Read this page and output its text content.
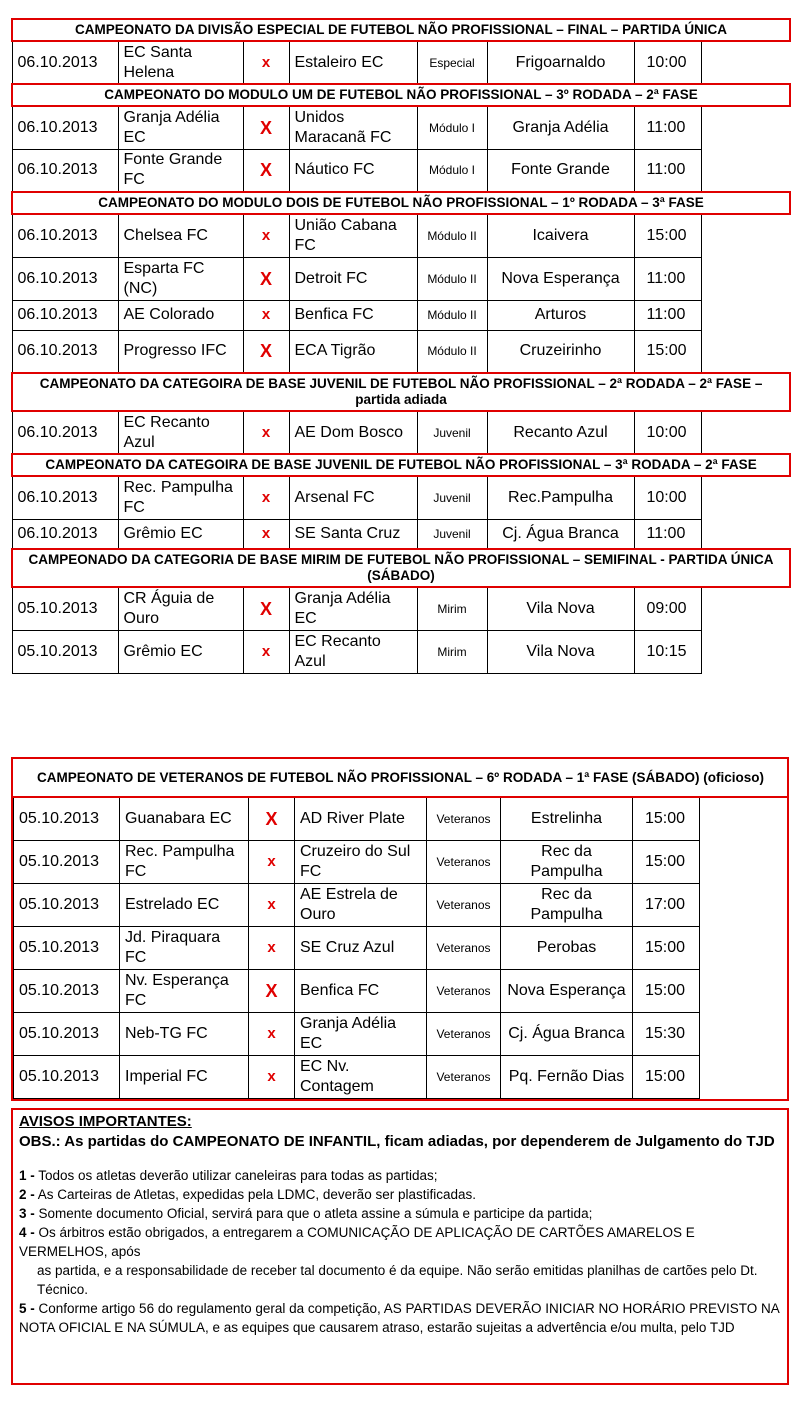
CAMPEONATO DA DIVISÃO ESPECIAL DE FUTEBOL NÃO PROFISSIONAL – FINAL – PARTIDA ÚNICA							
06.10.2013	EC Santa Helena	x	Estaleiro EC	Especial	Frigoarnaldo	10:00	
CAMPEONATO DO MODULO UM DE FUTEBOL NÃO PROFISSIONAL – 3º RODADA – 2ª FASE							
06.10.2013	Granja Adélia EC	X	Unidos Maracanã FC	Módulo I	Granja Adélia	11:00	
06.10.2013	Fonte Grande FC	X	Náutico FC	Módulo I	Fonte Grande	11:00	
CAMPEONATO DO MODULO DOIS DE FUTEBOL NÃO PROFISSIONAL – 1º RODADA – 3ª FASE							
06.10.2013	Chelsea FC	x	União Cabana FC	Módulo II	Icaivera	15:00	
06.10.2013	Esparta FC (NC)	X	Detroit FC	Módulo II	Nova Esperança	11:00	
06.10.2013	AE Colorado	x	Benfica FC	Módulo II	Arturos	11:00	
06.10.2013	Progresso IFC	X	ECA Tigrão	Módulo II	Cruzeirinho	15:00	
CAMPEONATO DA CATEGOIRA DE BASE JUVENIL DE FUTEBOL NÃO PROFISSIONAL – 2ª RODADA – 2ª FASE – partida adiada							
06.10.2013	EC Recanto Azul	x	AE Dom Bosco	Juvenil	Recanto Azul	10:00	
CAMPEONATO DA CATEGOIRA DE BASE JUVENIL DE FUTEBOL NÃO PROFISSIONAL – 3ª RODADA – 2ª FASE							
06.10.2013	Rec. Pampulha FC	x	Arsenal FC	Juvenil	Rec.Pampulha	10:00	
06.10.2013	Grêmio EC	x	SE Santa Cruz	Juvenil	Cj. Água Branca	11:00	
CAMPEONADO DA CATEGORIA DE BASE MIRIM DE FUTEBOL NÃO PROFISSIONAL – SEMIFINAL - PARTIDA ÚNICA (SÁBADO)							
05.10.2013	CR Águia de Ouro	X	Granja Adélia EC	Mirim	Vila Nova	09:00	
05.10.2013	Grêmio EC	x	EC Recanto Azul	Mirim	Vila Nova	10:15	
CAMPEONATO DE VETERANOS DE FUTEBOL NÃO PROFISSIONAL – 6º RODADA – 1ª FASE (SÁBADO) (oficioso)							
05.10.2013	Guanabara EC	X	AD River Plate	Veteranos	Estrelinha	15:00	
05.10.2013	Rec. Pampulha FC	x	Cruzeiro do Sul FC	Veteranos	Rec da Pampulha	15:00	
05.10.2013	Estrelado EC	x	AE Estrela de Ouro	Veteranos	Rec da Pampulha	17:00	
05.10.2013	Jd. Piraquara FC	x	SE Cruz Azul	Veteranos	Perobas	15:00	
05.10.2013	Nv. Esperança FC	X	Benfica FC	Veteranos	Nova Esperança	15:00	
05.10.2013	Neb-TG FC	x	Granja Adélia EC	Veteranos	Cj. Água Branca	15:30	
05.10.2013	Imperial FC	x	EC Nv. Contagem	Veteranos	Pq. Fernão Dias	15:00	
AVISOS IMPORTANTES:
OBS.: As partidas do CAMPEONATO DE INFANTIL, ficam adiadas, por dependerem de Julgamento do TJD
1 - Todos os atletas deverão utilizar caneleiras para todas as partidas;
2 - As Carteiras de Atletas, expedidas pela LDMC, deverão ser plastificadas.
3 - Somente documento Oficial, servirá para que o atleta assine a súmula e participe da partida;
4 - Os árbitros estão obrigados, a entregarem a COMUNICAÇÃO DE APLICAÇÃO DE CARTÕES AMARELOS E VERMELHOS, após
as partida, e a responsabilidade de receber tal documento é da equipe. Não serão emitidas planilhas de cartões pelo Dt. Técnico.
5 - Conforme artigo 56 do regulamento geral da competição, AS PARTIDAS DEVERÃO INICIAR NO HORÁRIO PREVISTO NA NOTA OFICIAL E NA SÚMULA, e as equipes que causarem atraso, estarão sujeitas a advertência e/ou multa, pelo TJD
